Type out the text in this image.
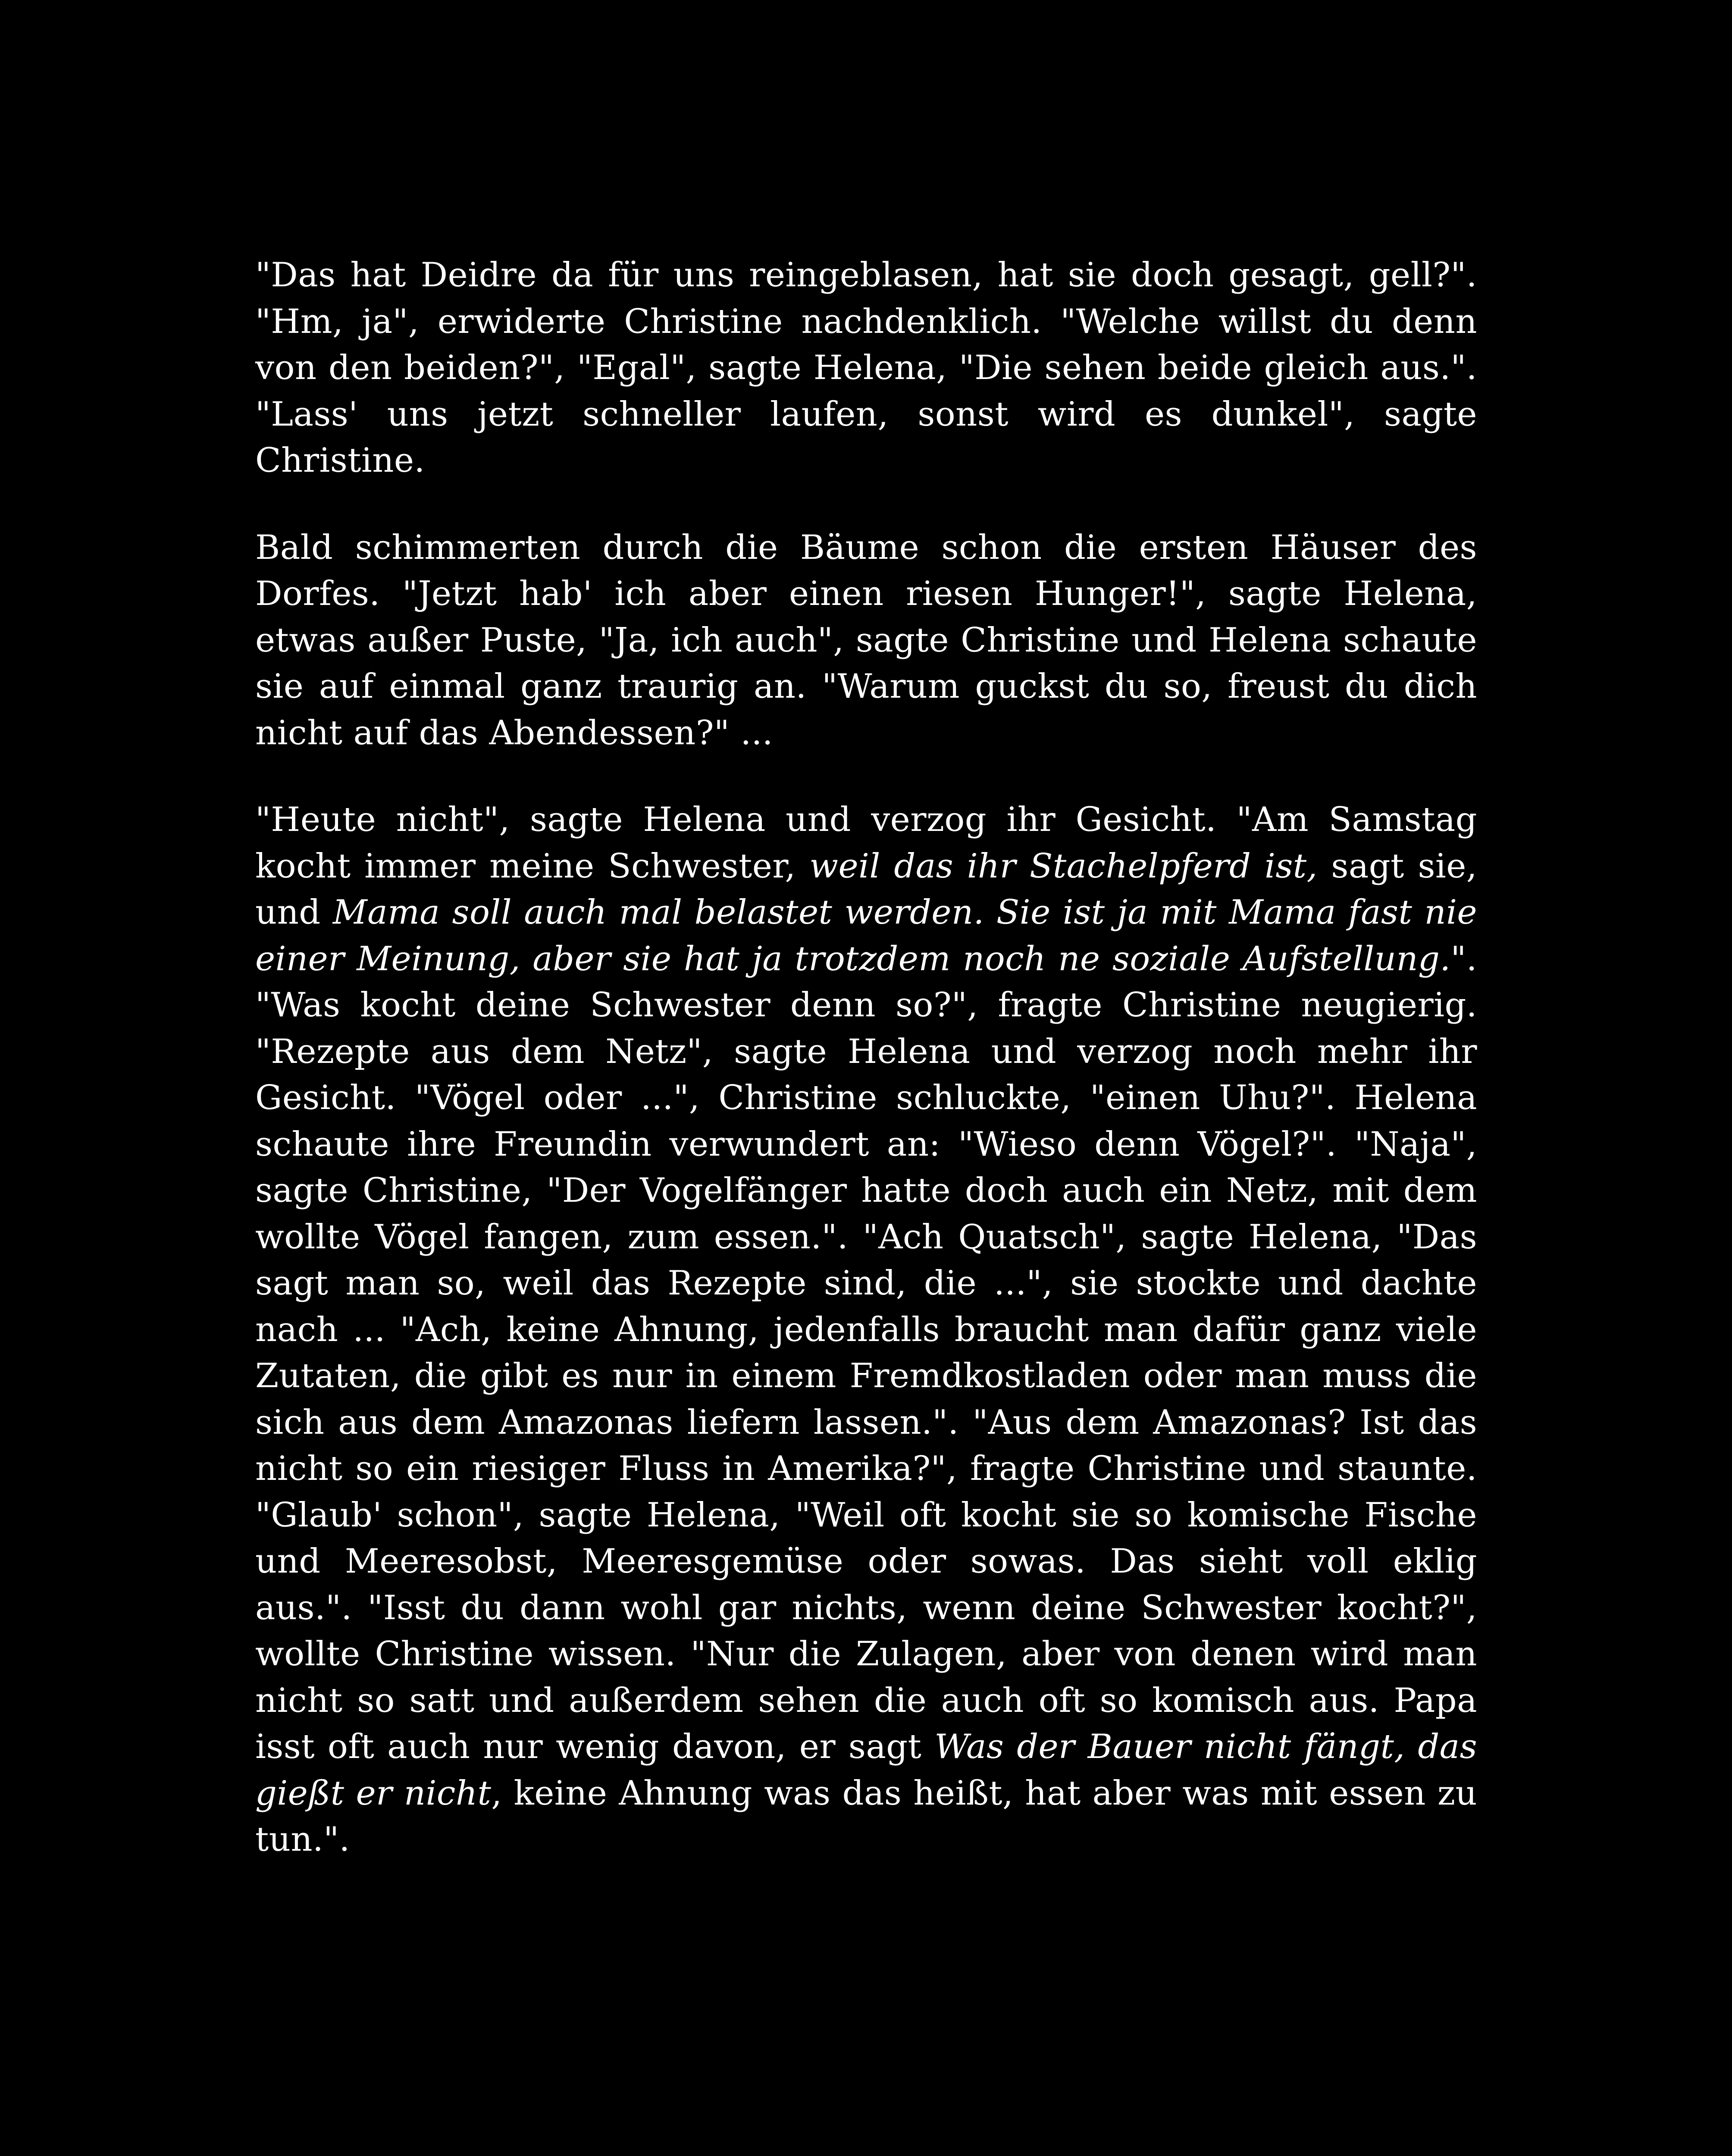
"Das hat Deidre da für uns reingeblasen, hat sie doch gesagt, gell?". "Hm, ja", erwiderte Christine nachdenklich. "Welche willst du denn von den beiden?", "Egal", sagte Helena, "Die sehen beide gleich aus.". "Lass' uns jetzt schneller laufen, sonst wird es dunkel", sagte Christine.

Bald schimmerten durch die Bäume schon die ersten Häuser des Dorfes. "Jetzt hab' ich aber einen riesen Hunger!", sagte Helena, etwas außer Puste, "Ja, ich auch", sagte Christine und Helena schaute sie auf einmal ganz traurig an. "Warum guckst du so, freust du dich nicht auf das Abendessen?" ...

"Heute nicht", sagte Helena und verzog ihr Gesicht. "Am Samstag kocht immer meine Schwester, weil das ihr Stachelpferd ist, sagt sie, und Mama soll auch mal belastet werden. Sie ist ja mit Mama fast nie einer Meinung, aber sie hat ja trotzdem noch ne soziale Aufstellung.". "Was kocht deine Schwester denn so?", fragte Christine neugierig. "Rezepte aus dem Netz", sagte Helena und verzog noch mehr ihr Gesicht. "Vögel oder ...", Christine schluckte, "einen Uhu?". Helena schaute ihre Freundin verwundert an: "Wieso denn Vögel?". "Naja", sagte Christine, "Der Vogelfänger hatte doch auch ein Netz, mit dem wollte Vögel fangen, zum essen.". "Ach Quatsch", sagte Helena, "Das sagt man so, weil das Rezepte sind, die ...", sie stockte und dachte nach ... "Ach, keine Ahnung, jedenfalls braucht man dafür ganz viele Zutaten, die gibt es nur in einem Fremdkostladen oder man muss die sich aus dem Amazonas liefern lassen.". "Aus dem Amazonas? Ist das nicht so ein riesiger Fluss in Amerika?", fragte Christine und staunte. "Glaub' schon", sagte Helena, "Weil oft kocht sie so komische Fische und Meeresobst, Meeresgemüse oder sowas. Das sieht voll eklig aus.". "Isst du dann wohl gar nichts, wenn deine Schwester kocht?", wollte Christine wissen. "Nur die Zulagen, aber von denen wird man nicht so satt und außerdem sehen die auch oft so komisch aus. Papa isst oft auch nur wenig davon, er sagt Was der Bauer nicht fängt, das gießt er nicht, keine Ahnung was das heißt, hat aber was mit essen zu tun.".
